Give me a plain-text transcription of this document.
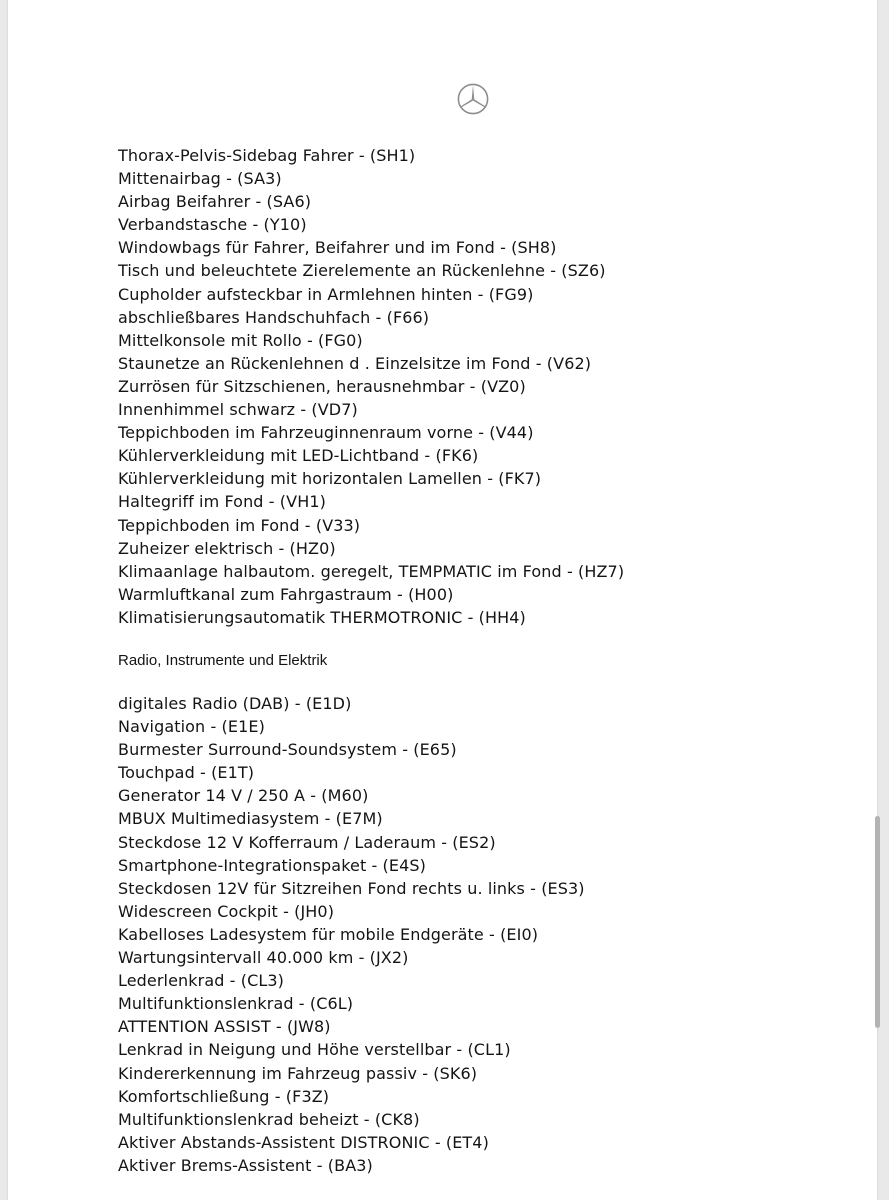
Thorax-Pelvis-Sidebag Fahrer - (SH1)
Mittenairbag - (SA3)
Airbag Beifahrer - (SA6)
Verbandstasche - (Y10)
Windowbags für Fahrer, Beifahrer und im Fond - (SH8)
Tisch und beleuchtete Zierelemente an Rückenlehne - (SZ6)
Cupholder aufsteckbar in Armlehnen hinten - (FG9)
abschließbares Handschuhfach - (F66)
Mittelkonsole mit Rollo - (FG0)
Staunetze an Rückenlehnen d . Einzelsitze im Fond - (V62)
Zurrösen für Sitzschienen, herausnehmbar - (VZ0)
Innenhimmel schwarz - (VD7)
Teppichboden im Fahrzeuginnenraum vorne - (V44)
Kühlerverkleidung mit LED-Lichtband - (FK6)
Kühlerverkleidung mit horizontalen Lamellen - (FK7)
Haltegriff im Fond - (VH1)
Teppichboden im Fond - (V33)
Zuheizer elektrisch - (HZ0)
Klimaanlage halbautom. geregelt, TEMPMATIC im Fond - (HZ7)
Warmluftkanal zum Fahrgastraum - (H00)
Klimatisierungsautomatik THERMOTRONIC - (HH4)
Radio, Instrumente und Elektrik
digitales Radio (DAB) - (E1D)
Navigation - (E1E)
Burmester Surround-Soundsystem - (E65)
Touchpad - (E1T)
Generator 14 V / 250 A - (M60)
MBUX Multimediasystem - (E7M)
Steckdose 12 V Kofferraum / Laderaum - (ES2)
Smartphone-Integrationspaket - (E4S)
Steckdosen 12V für Sitzreihen Fond rechts u. links - (ES3)
Widescreen Cockpit - (JH0)
Kabelloses Ladesystem für mobile Endgeräte - (EI0)
Wartungsintervall 40.000 km - (JX2)
Lederlenkrad - (CL3)
Multifunktionslenkrad - (C6L)
ATTENTION ASSIST - (JW8)
Lenkrad in Neigung und Höhe verstellbar - (CL1)
Kindererkennung im Fahrzeug passiv - (SK6)
Komfortschließung - (F3Z)
Multifunktionslenkrad beheizt - (CK8)
Aktiver Abstands-Assistent DISTRONIC - (ET4)
Aktiver Brems-Assistent - (BA3)
